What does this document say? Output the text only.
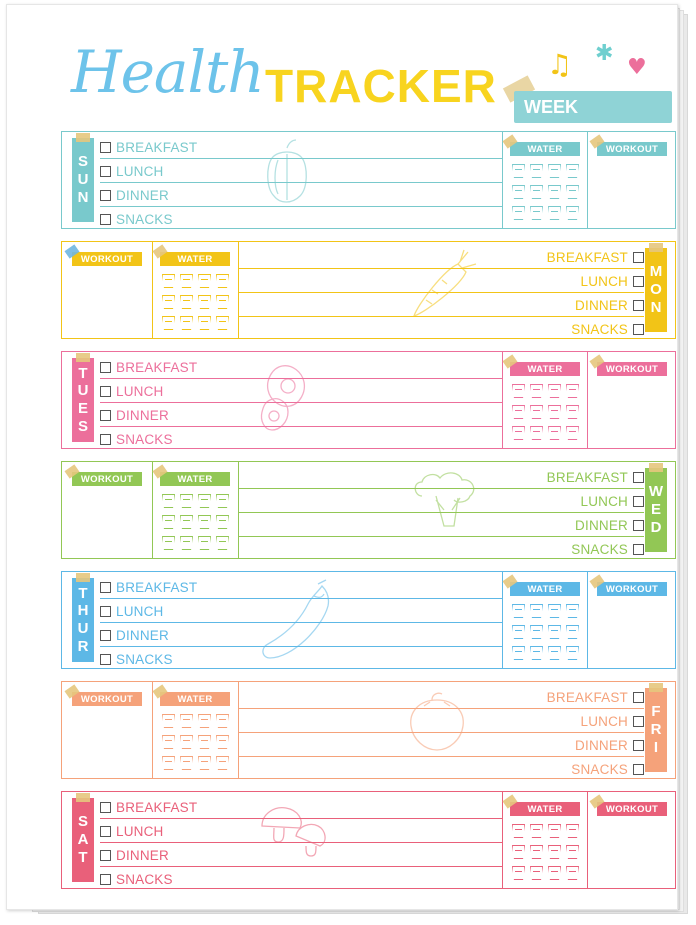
Health TRACKER ♫ ✱
♥
WEEK
S
U
N
BREAKFAST
LUNCH
DINNER
SNACKS
WATER	WORKOUT
M
O
N
BREAKFAST
LUNCH
DINNER
SNACKS
WATER
WORKOUT
T
U
E
S
BREAKFAST
LUNCH
DINNER
SNACKS
WATER	WORKOUT
W
E
D
BREAKFAST
LUNCH
DINNER
SNACKS
WATER
WORKOUT
T
H
U
R
BREAKFAST
LUNCH
DINNER
SNACKS
WATER	WORKOUT
F
R
I
BREAKFAST
LUNCH
DINNER
SNACKS
WATER
WORKOUT
S
A
T
BREAKFAST
LUNCH
DINNER
SNACKS
WATER	WORKOUT
